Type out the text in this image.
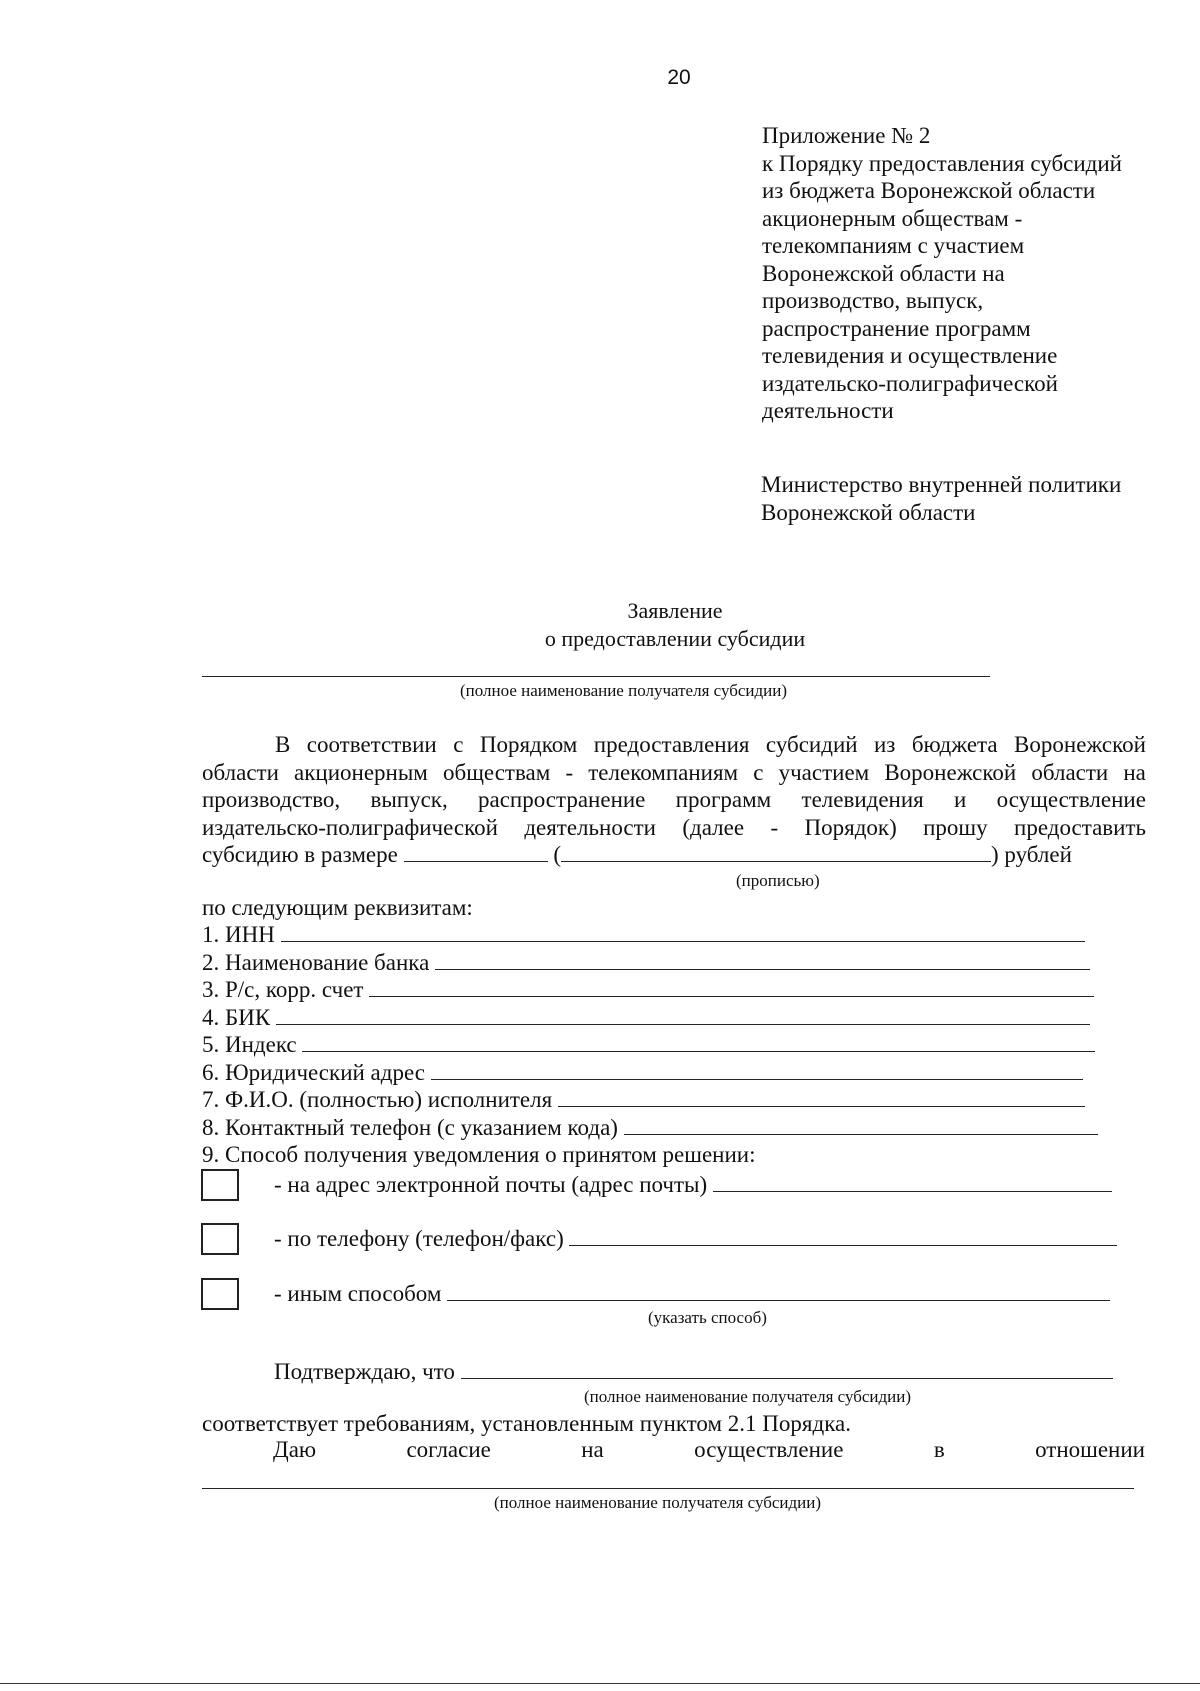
20
Приложение № 2
к Порядку предоставления субсидий
из бюджета Воронежской области
акционерным обществам -
телекомпаниям с участием
Воронежской области на
производство, выпуск,
распространение программ
телевидения и осуществление
издательско-полиграфической
деятельности
Министерство внутренней политики
Воронежской области
Заявление
о предоставлении субсидии
(полное наименование получателя субсидии)
В соответствии с Порядком предоставления субсидий из бюджета Воронежской
области акционерным обществам - телекомпаниям с участием Воронежской области на
производство, выпуск, распространение программ телевидения и осуществление
издательско-полиграфической деятельности (далее - Порядок) прошу предоставить
субсидию в размере	(	) рублей
(прописью)
по следующим реквизитам:
1. ИНН
2. Наименование банка
3. Р/с, корр. счет
4. БИК
5. Индекс
6. Юридический адрес
7. Ф.И.О. (полностью) исполнителя
8. Контактный телефон (с указанием кода)
9. Способ получения уведомления о принятом решении:
- на адрес электронной почты (адрес почты)
- по телефону (телефон/факс)
- иным способом
(указать способ)
Подтверждаю, что
(полное наименование получателя субсидии)
соответствует требованиям, установленным пунктом 2.1 Порядка.
Даю	согласие	на	осуществление	в	отношении
(полное наименование получателя субсидии)
